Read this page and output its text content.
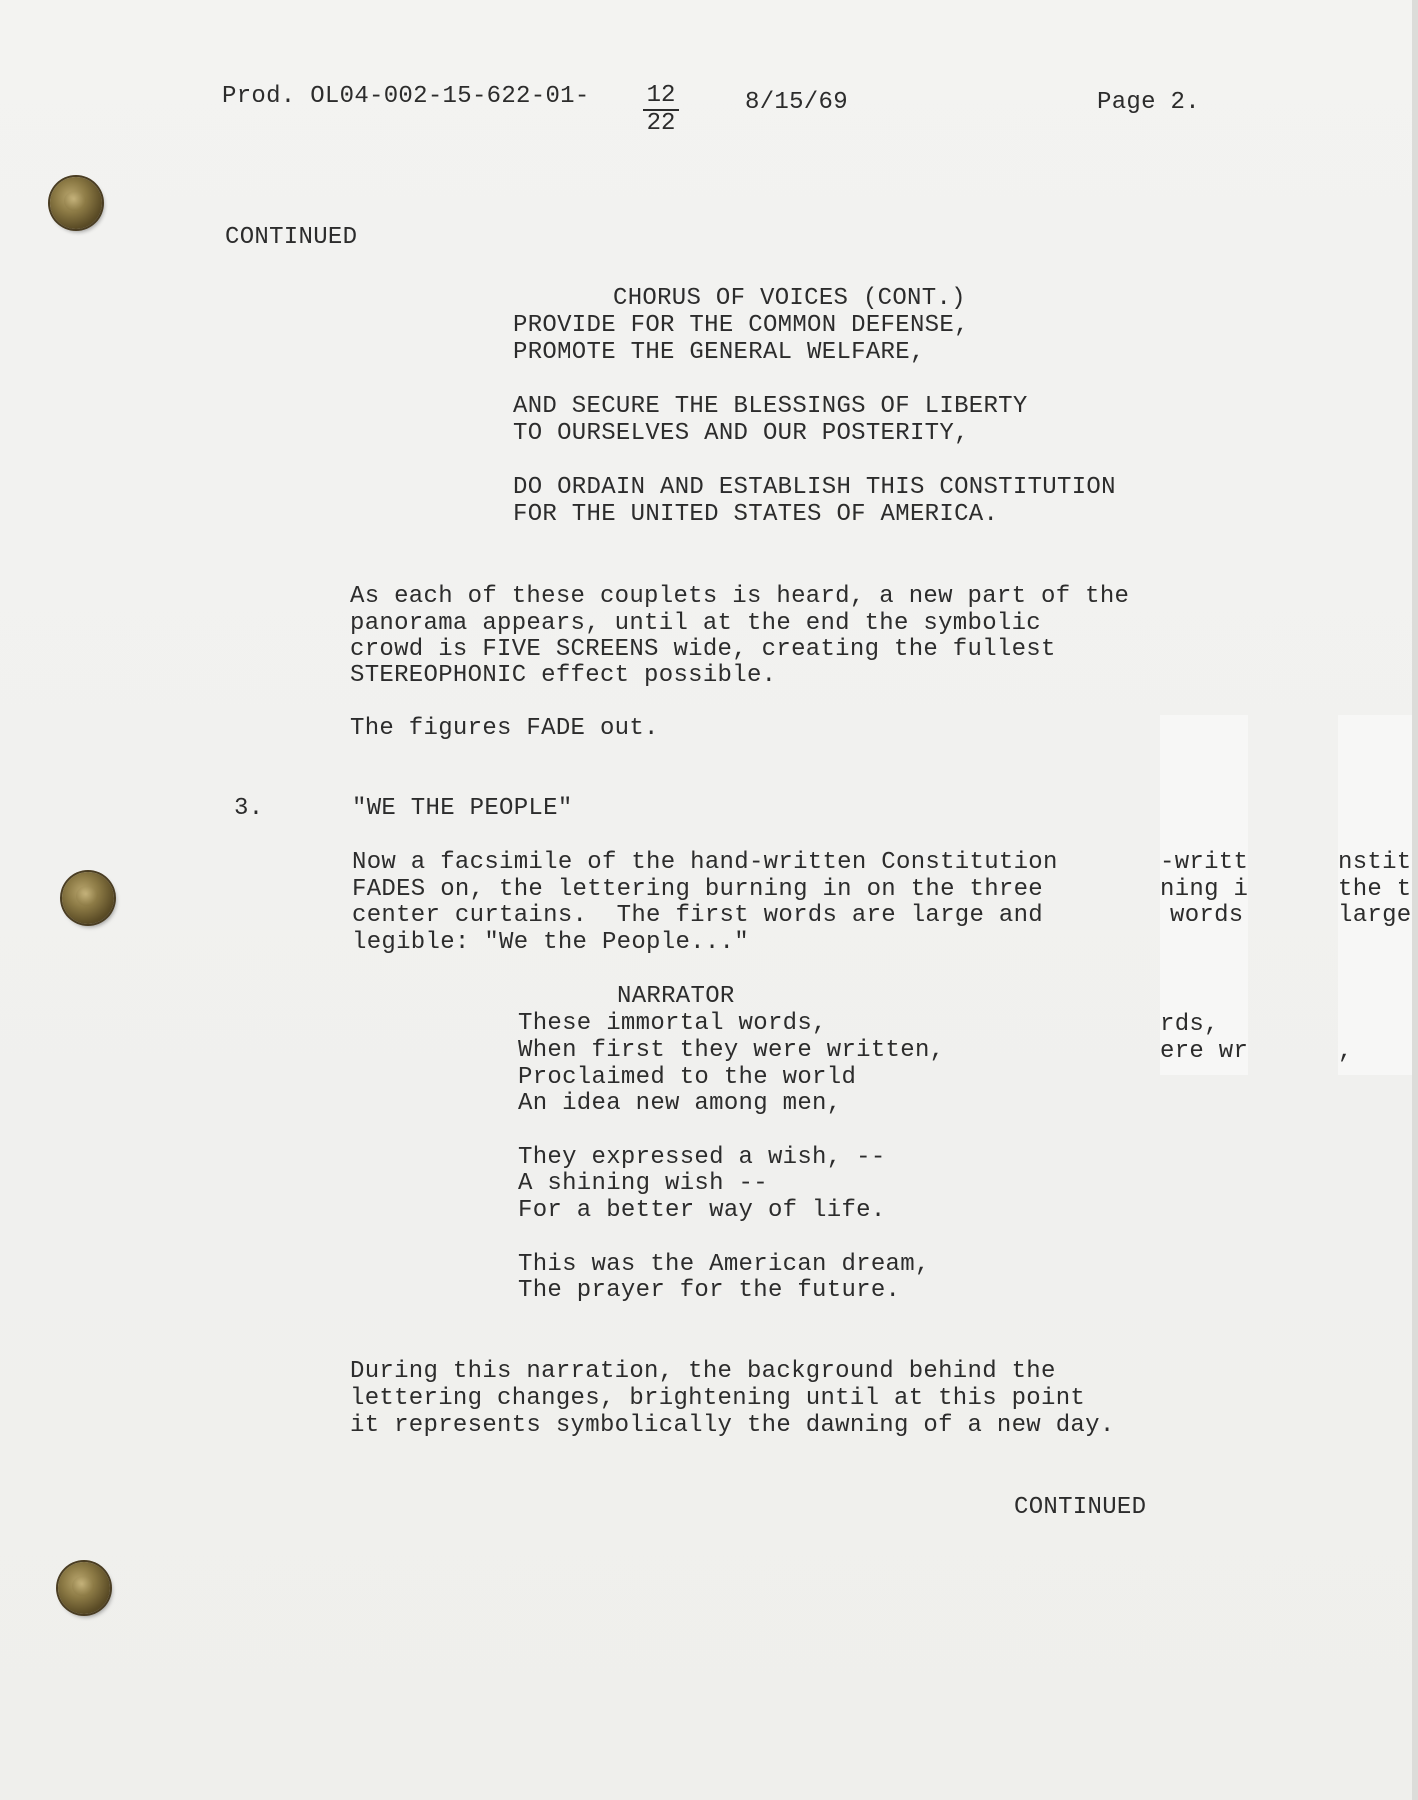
Prod. $OL04-002-15-622-01- \frac{12}{22}$	8/15/69	Page 2.
CONTINUED
CHORUS OF VOICES (CONT.)
PROVIDE FOR THE COMMON DEFENSE,
PROMOTE THE GENERAL WELFARE,
AND SECURE THE BLESSINGS OF LIBERTY
TO OURSELVES AND OUR POSTERITY,
DO ORDAIN AND ESTABLISH THIS CONSTITUTION
FOR THE UNITED STATES OF AMERICA.
As each of these couplets is heard, a new part of the
panorama appears, until at the end the symbolic
crowd is FIVE SCREENS wide, creating the fullest
STEREOPHONIC effect possible.
The figures FADE out.
3.	"WE THE PEOPLE"
-writt
ning i
words
nstit
the t
large
rds,
ere wr	,
Now a facsimile of the hand-written Constitution
FADES on, the lettering burning in on the three
center curtains.  The first words are large and
legible: "We the People..."
NARRATOR
These immortal words,
When first they were written,
Proclaimed to the world
An idea new among men,
They expressed a wish, --
A shining wish --
For a better way of life.
This was the American dream,
The prayer for the future.
During this narration, the background behind the
lettering changes, brightening until at this point
it represents symbolically the dawning of a new day.
CONTINUED
